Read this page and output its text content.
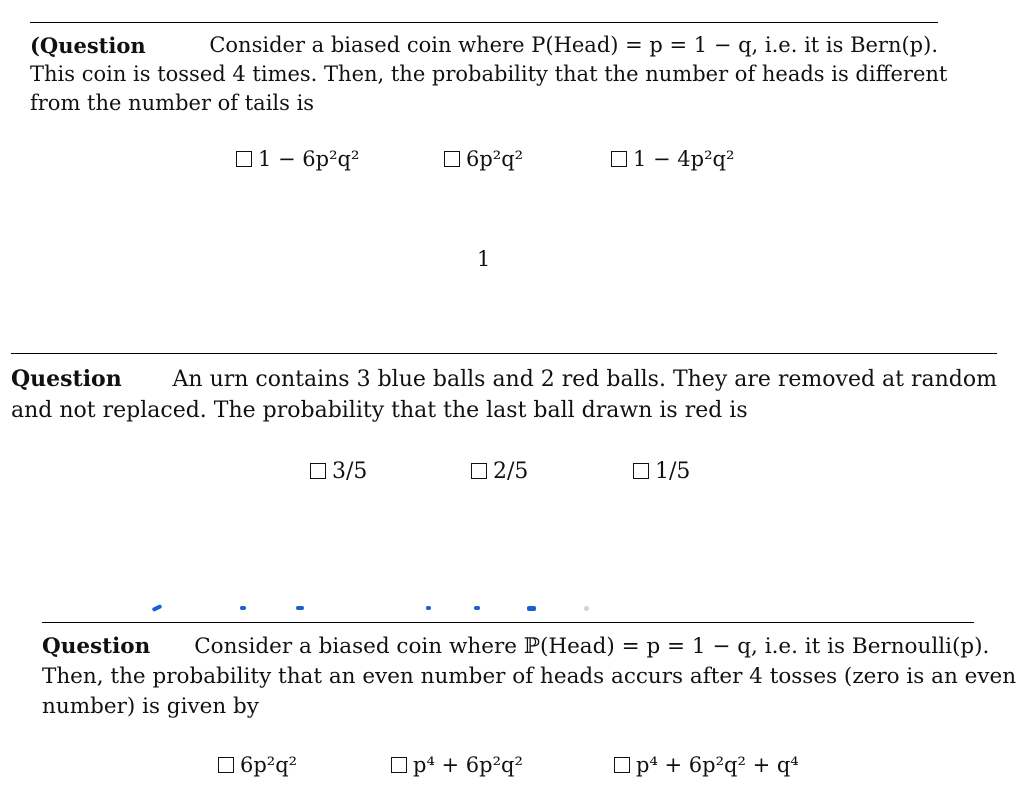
(Question	Consider a biased coin where P(Head) = p = 1 − q, i.e. it is Bern(p).
This coin is tossed 4 times. Then, the probability that the number of heads is different
from the number of tails is
1 − 6p²q²	6p²q²	1 − 4p²q²
1
Question An urn contains 3 blue balls and 2 red balls. They are removed at random
and not replaced. The probability that the last ball drawn is red is
3/5	2/5	1/5
Question Consider a biased coin where ℙ(Head) = p = 1 − q, i.e. it is Bernoulli(p).
Then, the probability that an even number of heads accurs after 4 tosses (zero is an even
number) is given by
6p²q²	p⁴ + 6p²q²	p⁴ + 6p²q² + q⁴
